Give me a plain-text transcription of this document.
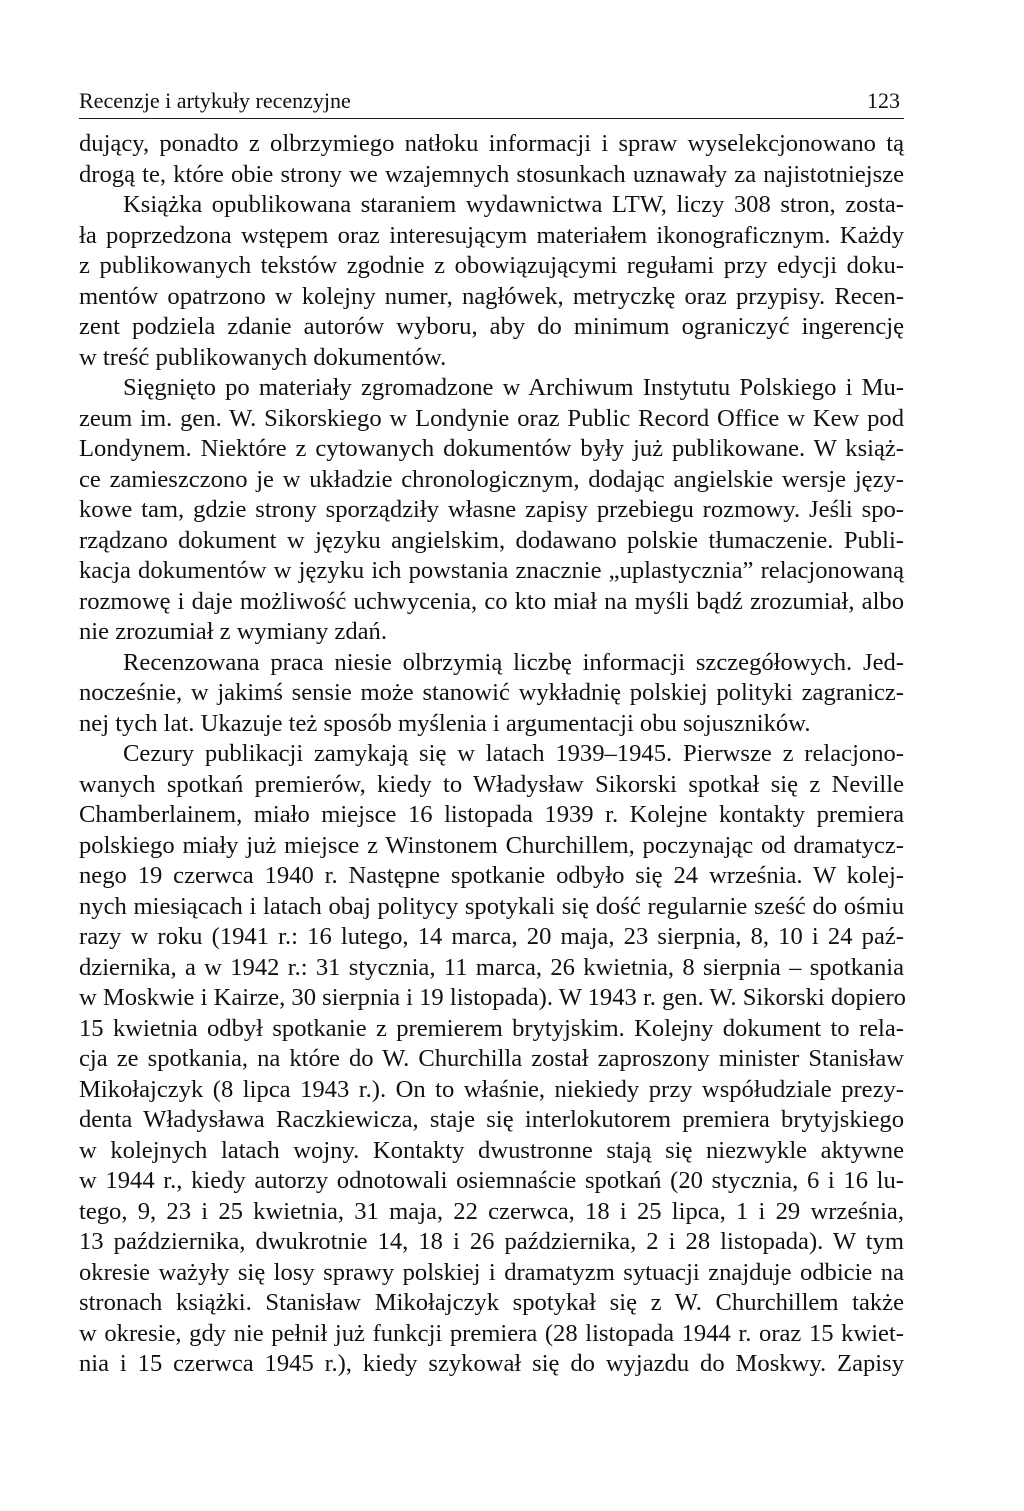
Recenzje i artykuły recenzyjne	123

dujący, ponadto z olbrzymiego natłoku informacji i spraw wyselekcjonowano tą

drogą te, które obie strony we wzajemnych stosunkach uznawały za najistotniejsze

Książka opublikowana staraniem wydawnictwa LTW, liczy 308 stron, zosta-

ła poprzedzona wstępem oraz interesującym materiałem ikonograficznym. Każdy

z publikowanych tekstów zgodnie z obowiązującymi regułami przy edycji doku-

mentów opatrzono w kolejny numer, nagłówek, metryczkę oraz przypisy. Recen-

zent podziela zdanie autorów wyboru, aby do minimum ograniczyć ingerencję

w treść publikowanych dokumentów.

Sięgnięto po materiały zgromadzone w Archiwum Instytutu Polskiego i Mu-

zeum im. gen. W. Sikorskiego w Londynie oraz Public Record Office w Kew pod

Londynem. Niektóre z cytowanych dokumentów były już publikowane. W książ-

ce zamieszczono je w układzie chronologicznym, dodając angielskie wersje języ-

kowe tam, gdzie strony sporządziły własne zapisy przebiegu rozmowy. Jeśli spo-

rządzano dokument w języku angielskim, dodawano polskie tłumaczenie. Publi-

kacja dokumentów w języku ich powstania znacznie „uplastycznia” relacjonowaną

rozmowę i daje możliwość uchwycenia, co kto miał na myśli bądź zrozumiał, albo

nie zrozumiał z wymiany zdań.

Recenzowana praca niesie olbrzymią liczbę informacji szczegółowych. Jed-

nocześnie, w jakimś sensie może stanowić wykładnię polskiej polityki zagranicz-

nej tych lat. Ukazuje też sposób myślenia i argumentacji obu sojuszników.

Cezury publikacji zamykają się w latach 1939–1945. Pierwsze z relacjono-

wanych spotkań premierów, kiedy to Władysław Sikorski spotkał się z Neville

Chamberlainem, miało miejsce 16 listopada 1939 r. Kolejne kontakty premiera

polskiego miały już miejsce z Winstonem Churchillem, poczynając od dramatycz-

nego 19 czerwca 1940 r. Następne spotkanie odbyło się 24 września. W kolej-

nych miesiącach i latach obaj politycy spotykali się dość regularnie sześć do ośmiu

razy w roku (1941 r.: 16 lutego, 14 marca, 20 maja, 23 sierpnia, 8, 10 i 24 paź-

dziernika, a w 1942 r.: 31 stycznia, 11 marca, 26 kwietnia, 8 sierpnia – spotkania

w Moskwie i Kairze, 30 sierpnia i 19 listopada). W 1943 r. gen. W. Sikorski dopiero

15 kwietnia odbył spotkanie z premierem brytyjskim. Kolejny dokument to rela-

cja ze spotkania, na które do W. Churchilla został zaproszony minister Stanisław

Mikołajczyk (8 lipca 1943 r.). On to właśnie, niekiedy przy współudziale prezy-

denta Władysława Raczkiewicza, staje się interlokutorem premiera brytyjskiego

w kolejnych latach wojny. Kontakty dwustronne stają się niezwykle aktywne

w 1944 r., kiedy autorzy odnotowali osiemnaście spotkań (20 stycznia, 6 i 16 lu-

tego, 9, 23 i 25 kwietnia, 31 maja, 22 czerwca, 18 i 25 lipca, 1 i 29 września,

13 października, dwukrotnie 14, 18 i 26 października, 2 i 28 listopada). W tym

okresie ważyły się losy sprawy polskiej i dramatyzm sytuacji znajduje odbicie na

stronach książki. Stanisław Mikołajczyk spotykał się z W. Churchillem także

w okresie, gdy nie pełnił już funkcji premiera (28 listopada 1944 r. oraz 15 kwiet-

nia i 15 czerwca 1945 r.), kiedy szykował się do wyjazdu do Moskwy. Zapisy
